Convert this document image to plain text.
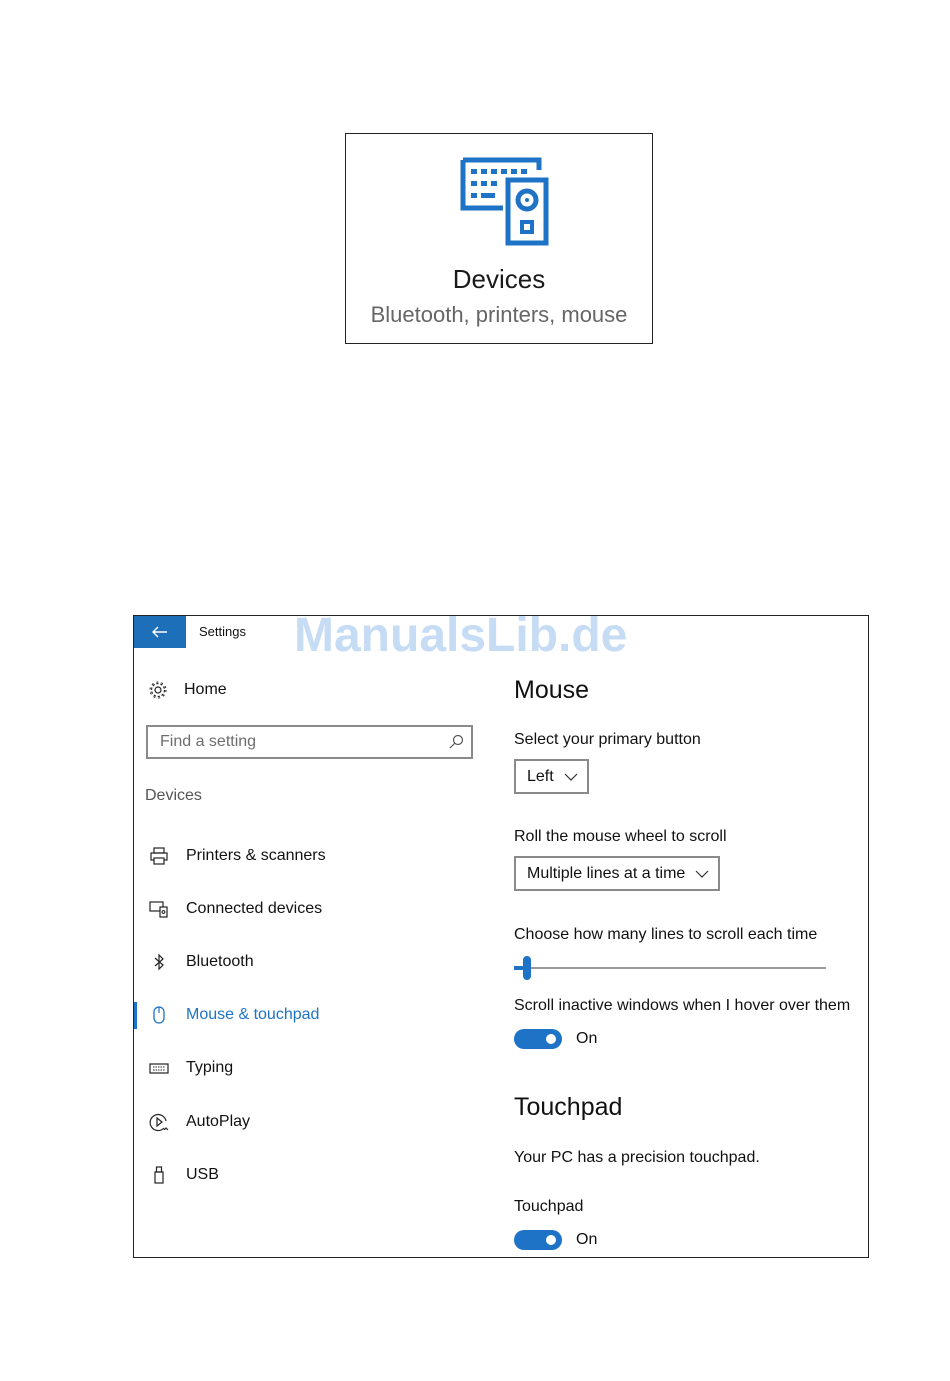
Devices
Bluetooth, printers, mouse
Settings ManualsLib.de
Home
Find a setting
Devices
Printers & scanners
Connected devices
Bluetooth
Mouse & touchpad
Typing
AutoPlay
USB
Mouse
Select your primary button
Left
Roll the mouse wheel to scroll
Multiple lines at a time
Choose how many lines to scroll each time
Scroll inactive windows when I hover over them
On
Touchpad
Your PC has a precision touchpad.
Touchpad
On
